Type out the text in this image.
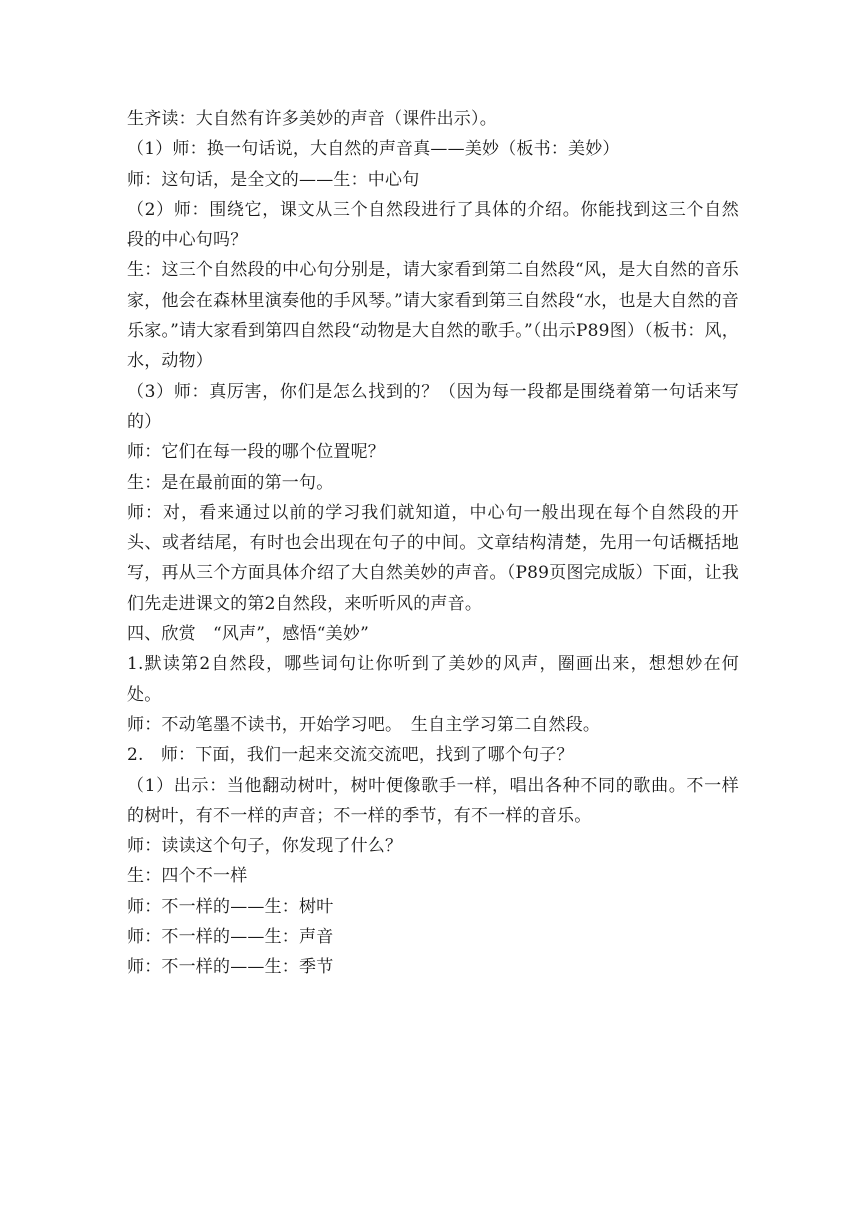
生齐读：大自然有许多美妙的声音（课件出示）。

（1）师：换一句话说，大自然的声音真——美妙（板书：美妙）

师：这句话，是全文的——生：中心句

（2）师：围绕它，课文从三个自然段进行了具体的介绍。你能找到这三个自然段的中心句吗？

生：这三个自然段的中心句分别是，请大家看到第二自然段“风，是大自然的音乐家，他会在森林里演奏他的手风琴。”请大家看到第三自然段“水，也是大自然的音乐家。”请大家看到第四自然段“动物是大自然的歌手。”（出示P89图）（板书：风，水，动物）

（3）师：真厉害，你们是怎么找到的？（因为每一段都是围绕着第一句话来写的）

师：它们在每一段的哪个位置呢？

生：是在最前面的第一句。

师：对，看来通过以前的学习我们就知道，中心句一般出现在每个自然段的开头、或者结尾，有时也会出现在句子的中间。文章结构清楚，先用一句话概括地写，再从三个方面具体介绍了大自然美妙的声音。（P89页图完成版）下面，让我们先走进课文的第2自然段，来听听风的声音。

四、欣赏　“风声”，感悟“美妙”

1.默读第2自然段，哪些词句让你听到了美妙的风声，圈画出来，想想妙在何处。

师：不动笔墨不读书，开始学习吧。　生自主学习第二自然段。

2.　师：下面，我们一起来交流交流吧，找到了哪个句子？

（1）出示：当他翻动树叶，树叶便像歌手一样，唱出各种不同的歌曲。不一样的树叶，有不一样的声音；不一样的季节，有不一样的音乐。

师：读读这个句子，你发现了什么？

生：四个不一样

师：不一样的——生：树叶

师：不一样的——生：声音

师：不一样的——生：季节
